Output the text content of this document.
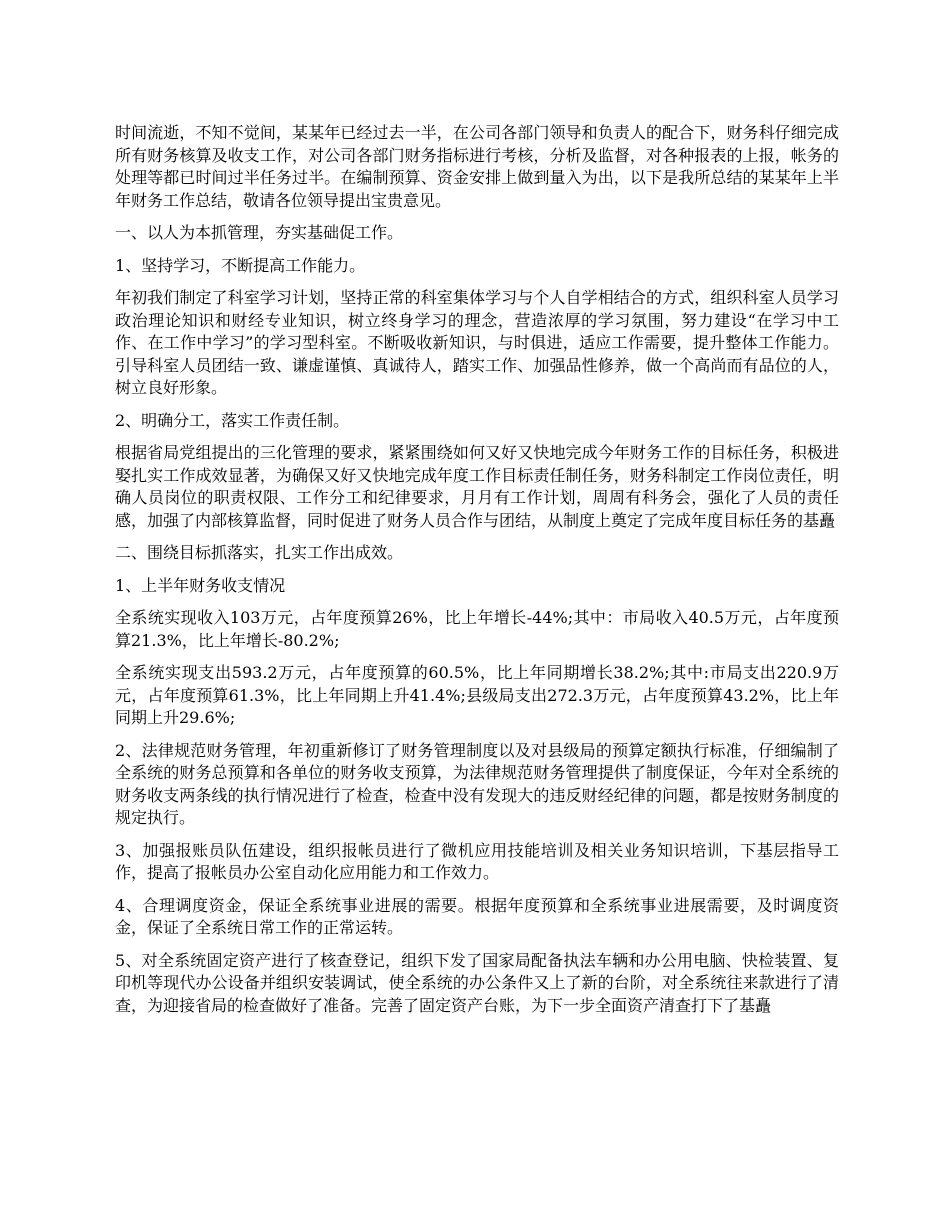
时间流逝，不知不觉间，某某年已经过去一半，在公司各部门领导和负责人的配合下，财务科仔细完成所有财务核算及收支工作，对公司各部门财务指标进行考核，分析及监督，对各种报表的上报，帐务的处理等都已时间过半任务过半。在编制预算、资金安排上做到量入为出，以下是我所总结的某某年上半年财务工作总结，敬请各位领导提出宝贵意见。

一、以人为本抓管理，夯实基础促工作。

1、坚持学习，不断提高工作能力。

年初我们制定了科室学习计划，坚持正常的科室集体学习与个人自学相结合的方式，组织科室人员学习政治理论知识和财经专业知识，树立终身学习的理念，营造浓厚的学习氛围，努力建设“在学习中工作、在工作中学习”的学习型科室。不断吸收新知识，与时俱进，适应工作需要，提升整体工作能力。引导科室人员团结一致、谦虚谨慎、真诚待人，踏实工作、加强品性修养，做一个高尚而有品位的人，树立良好形象。

2、明确分工，落实工作责任制。

根据省局党组提出的三化管理的要求，紧紧围绕如何又好又快地完成今年财务工作的目标任务，积极进娶扎实工作成效显著，为确保又好又快地完成年度工作目标责任制任务，财务科制定工作岗位责任，明确人员岗位的职责权限、工作分工和纪律要求，月月有工作计划，周周有科务会，强化了人员的责任感，加强了内部核算监督，同时促进了财务人员合作与团结，从制度上奠定了完成年度目标任务的基矗

二、围绕目标抓落实，扎实工作出成效。

1、上半年财务收支情况

全系统实现收入103万元，占年度预算26%，比上年增长-44%;其中：市局收入40.5万元，占年度预算21.3%，比上年增长-80.2%;

全系统实现支出593.2万元，占年度预算的60.5%，比上年同期增长38.2%;其中:市局支出220.9万元，占年度预算61.3%，比上年同期上升41.4%;县级局支出272.3万元，占年度预算43.2%，比上年同期上升29.6%;

2、法律规范财务管理，年初重新修订了财务管理制度以及对县级局的预算定额执行标准，仔细编制了全系统的财务总预算和各单位的财务收支预算，为法律规范财务管理提供了制度保证，今年对全系统的财务收支两条线的执行情况进行了检查，检查中没有发现大的违反财经纪律的问题，都是按财务制度的规定执行。

3、加强报账员队伍建设，组织报帐员进行了微机应用技能培训及相关业务知识培训，下基层指导工作，提高了报帐员办公室自动化应用能力和工作效力。

4、合理调度资金，保证全系统事业进展的需要。根据年度预算和全系统事业进展需要，及时调度资金，保证了全系统日常工作的正常运转。

5、对全系统固定资产进行了核查登记，组织下发了国家局配备执法车辆和办公用电脑、快检装置、复印机等现代办公设备并组织安装调试，使全系统的办公条件又上了新的台阶，对全系统往来款进行了清查，为迎接省局的检查做好了准备。完善了固定资产台账，为下一步全面资产清查打下了基矗
